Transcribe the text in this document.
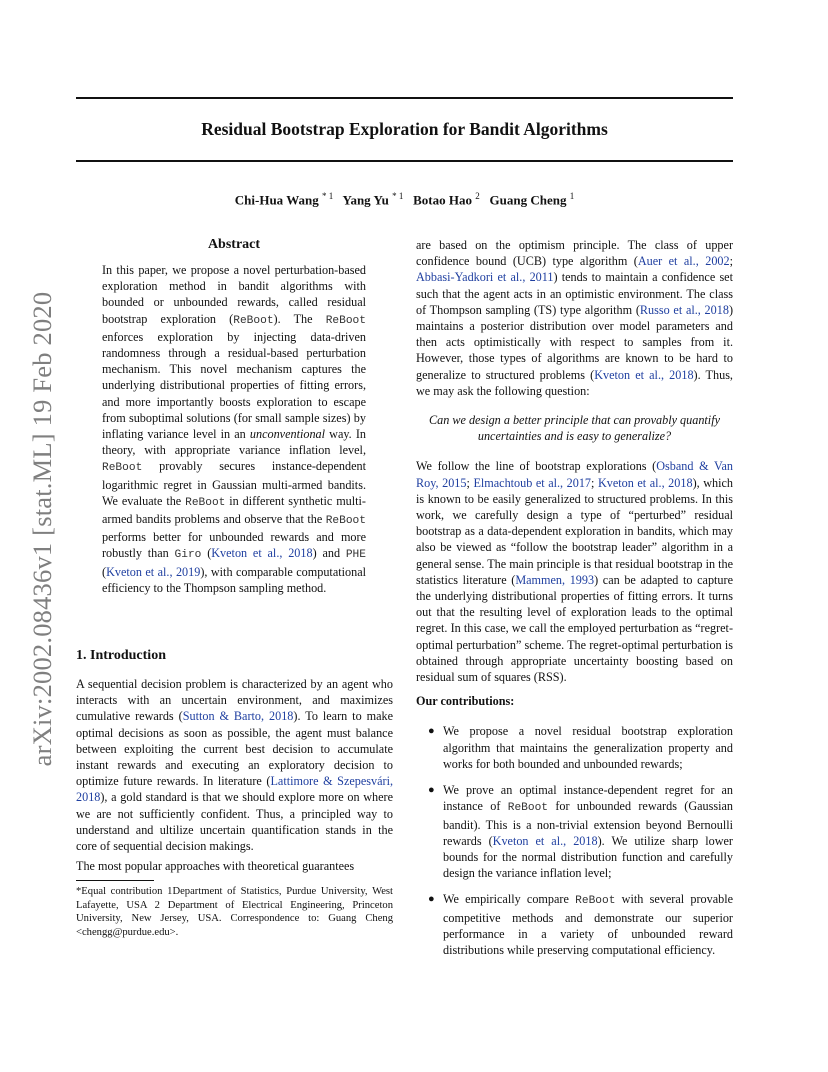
arXiv:2002.08436v1 [stat.ML] 19 Feb 2020
Residual Bootstrap Exploration for Bandit Algorithms
Chi-Hua Wang $^{* 1}$ Yang Yu $^{* 1}$ Botao Hao $^2$ Guang Cheng $^1$
Abstract

In this paper, we propose a novel perturbation-based exploration method in bandit algorithms with bounded or unbounded rewards, called residual bootstrap exploration (ReBoot). The ReBoot enforces exploration by injecting data-driven randomness through a residual-based perturbation mechanism. This novel mechanism captures the underlying distributional properties of fitting errors, and more importantly boosts exploration to escape from suboptimal solutions (for small sample sizes) by inflating variance level in an unconventional way. In theory, with appropriate variance inflation level, ReBoot provably secures instance-dependent logarithmic regret in Gaussian multi-armed bandits. We evaluate the ReBoot in different synthetic multi-armed bandits problems and observe that the ReBoot performs better for unbounded rewards and more robustly than Giro (Kveton et al., 2018) and PHE (Kveton et al., 2019), with comparable computational efficiency to the Thompson sampling method.

1. Introduction

A sequential decision problem is characterized by an agent who interacts with an uncertain environment, and maximizes cumulative rewards (Sutton & Barto, 2018). To learn to make optimal decisions as soon as possible, the agent must balance between exploiting the current best decision to accumulate instant rewards and executing an exploratory decision to optimize future rewards. In literature (Lattimore & Szepesvári, 2018), a gold standard is that we should explore more on where we are not sufficiently confident. Thus, a principled way to understand and ultilize uncertain quantification stands in the core of sequential decision makings.

The most popular approaches with theoretical guarantees

*Equal contribution 1Department of Statistics, Purdue University, West Lafayette, USA 2 Department of Electrical Engineering, Princeton University, New Jersey, USA. Correspondence to: Guang Cheng <chengg@purdue.edu>.

are based on the optimism principle. The class of upper confidence bound (UCB) type algorithm (Auer et al., 2002; Abbasi-Yadkori et al., 2011) tends to maintain a confidence set such that the agent acts in an optimistic environment. The class of Thompson sampling (TS) type algorithm (Russo et al., 2018) maintains a posterior distribution over model parameters and then acts optimistically with respect to samples from it. However, those types of algorithms are known to be hard to generalize to structured problems (Kveton et al., 2018). Thus, we may ask the following question:

Can we design a better principle that can provably quantify uncertainties and is easy to generalize?

We follow the line of bootstrap explorations (Osband & Van Roy, 2015; Elmachtoub et al., 2017; Kveton et al., 2018), which is known to be easily generalized to structured problems. In this work, we carefully design a type of “perturbed” residual bootstrap as a data-dependent exploration in bandits, which may also be viewed as “follow the bootstrap leader” algorithm in a general sense. The main principle is that residual bootstrap in the statistics literature (Mammen, 1993) can be adapted to capture the underlying distributional properties of fitting errors. It turns out that the resulting level of exploration leads to the optimal regret. In this case, we call the employed perturbation as “regret-optimal perturbation” scheme. The regret-optimal perturbation is obtained through appropriate uncertainty boosting based on residual sum of squares (RSS).

Our contributions:

● We propose a novel residual bootstrap exploration algorithm that maintains the generalization property and works for both bounded and unbounded rewards;
● We prove an optimal instance-dependent regret for an instance of ReBoot for unbounded rewards (Gaussian bandit). This is a non-trivial extension beyond Bernoulli rewards (Kveton et al., 2018). We utilize sharp lower bounds for the normal distribution function and carefully design the variance inflation level;
● We empirically compare ReBoot with several provable competitive methods and demonstrate our superior performance in a variety of unbounded reward distributions while preserving computational efficiency.
